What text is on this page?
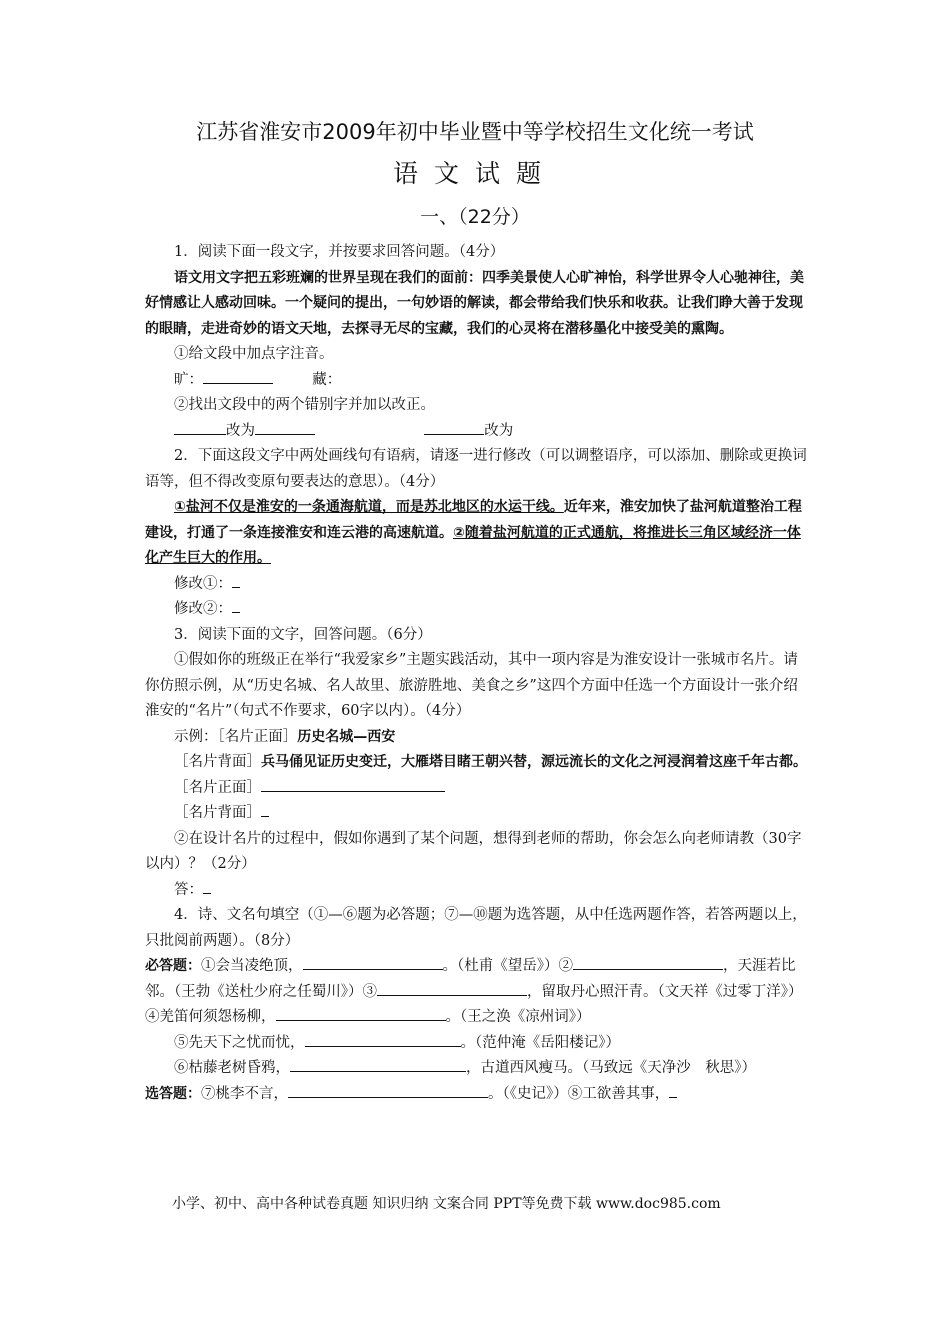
江苏省淮安市2009年初中毕业暨中等学校招生文化统一考试
语文试题
一、（22分）

1．阅读下面一段文字，并按要求回答问题。（4分）

语文用文字把五彩班斓的世界呈现在我们的面前：四季美景使人心旷神怡，科学世界令人心驰神往，美好情感让人感动回味。一个疑问的提出，一句妙语的解读，都会带给我们快乐和收获。让我们睁大善于发现的眼睛，走进奇妙的语文天地，去探寻无尽的宝藏，我们的心灵将在潜移墨化中接受美的熏陶。

①给文段中加点字注音。

旷：	藏：

②找出文段中的两个错别字并加以改正。

改为	改为

2．下面这段文字中两处画线句有语病，请逐一进行修改（可以调整语序，可以添加、删除或更换词语等，但不得改变原句要表达的意思）。（4分）

①盐河不仅是淮安的一条通海航道，而是苏北地区的水运干线。近年来，淮安加快了盐河航道整治工程建设，打通了一条连接淮安和连云港的高速航道。②随着盐河航道的正式通航，将推进长三角区域经济一体化产生巨大的作用。

修改①：

修改②：

3．阅读下面的文字，回答问题。（6分）

①假如你的班级正在举行“我爱家乡”主题实践活动，其中一项内容是为淮安设计一张城市名片。请你仿照示例，从“历史名城、名人故里、旅游胜地、美食之乡”这四个方面中任选一个方面设计一张介绍淮安的“名片”（句式不作要求，60字以内）。（4分）

示例：［名片正面］历史名城—西安

［名片背面］兵马俑见证历史变迁，大雁塔目睹王朝兴替，源远流长的文化之河浸润着这座千年古都。

［名片正面］

［名片背面］

②在设计名片的过程中，假如你遇到了某个问题，想得到老师的帮助，你会怎么向老师请教（30字以内）？（2分）

答：

4．诗、文名句填空（①—⑥题为必答题；⑦—⑩题为选答题，从中任选两题作答，若答两题以上，只批阅前两题）。（8分）

必答题：①会当凌绝顶，	。（杜甫《望岳》）②	，天涯若比邻。（王勃《送杜少府之任蜀川》）③	，留取丹心照汗青。（文天祥《过零丁洋》）④羌笛何须怨杨柳，	。（王之涣《凉州词》）

⑤先天下之忧而忧，	。（范仲淹《岳阳楼记》）

⑥枯藤老树昏鸦，	，古道西风瘦马。（马致远《天净沙　秋思》）

选答题：⑦桃李不言，	。（《史记》）⑧工欲善其事，

小学、初中、高中各种试卷真题 知识归纳 文案合同 PPT等免费下载 www.doc985.com
